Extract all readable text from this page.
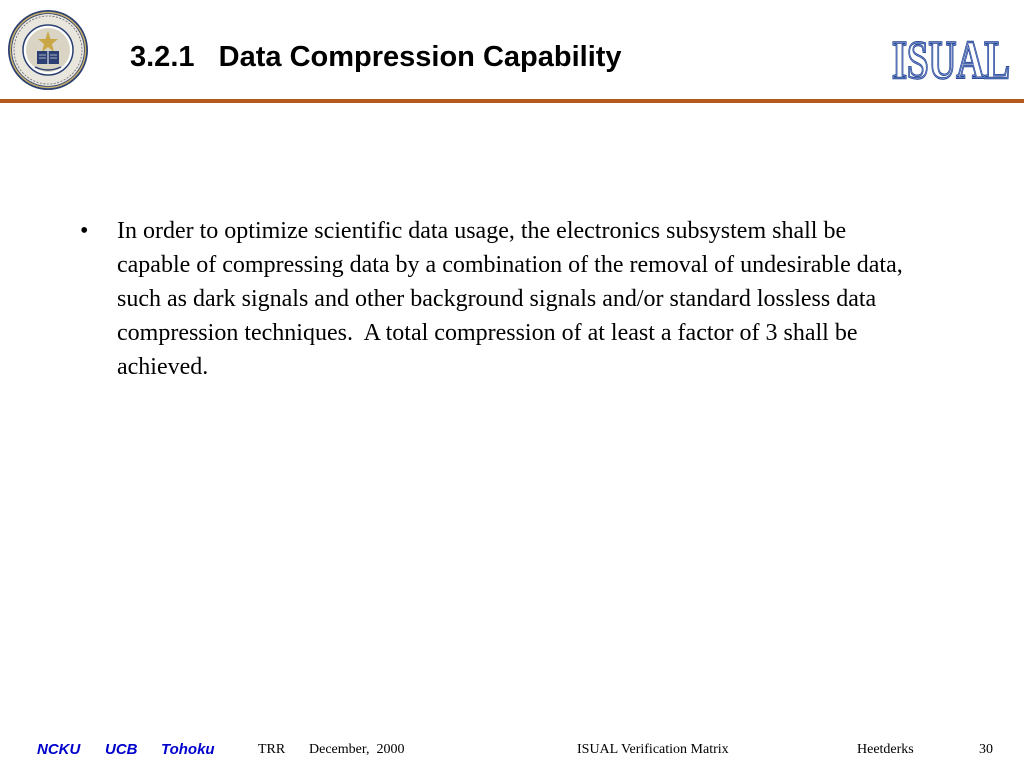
3.2.1   Data Compression Capability	ISUAL
ISUAL
• In order to optimize scientific data usage, the electronics subsystem shall be capable of compressing data by a combination of the removal of undesirable data, such as dark signals and other background signals and/or standard lossless data compression techniques.  A total compression of at least a factor of 3 shall be achieved.
NCKU UCB Tohoku	TRR December,  2000	ISUAL Verification Matrix	Heetderks	30
